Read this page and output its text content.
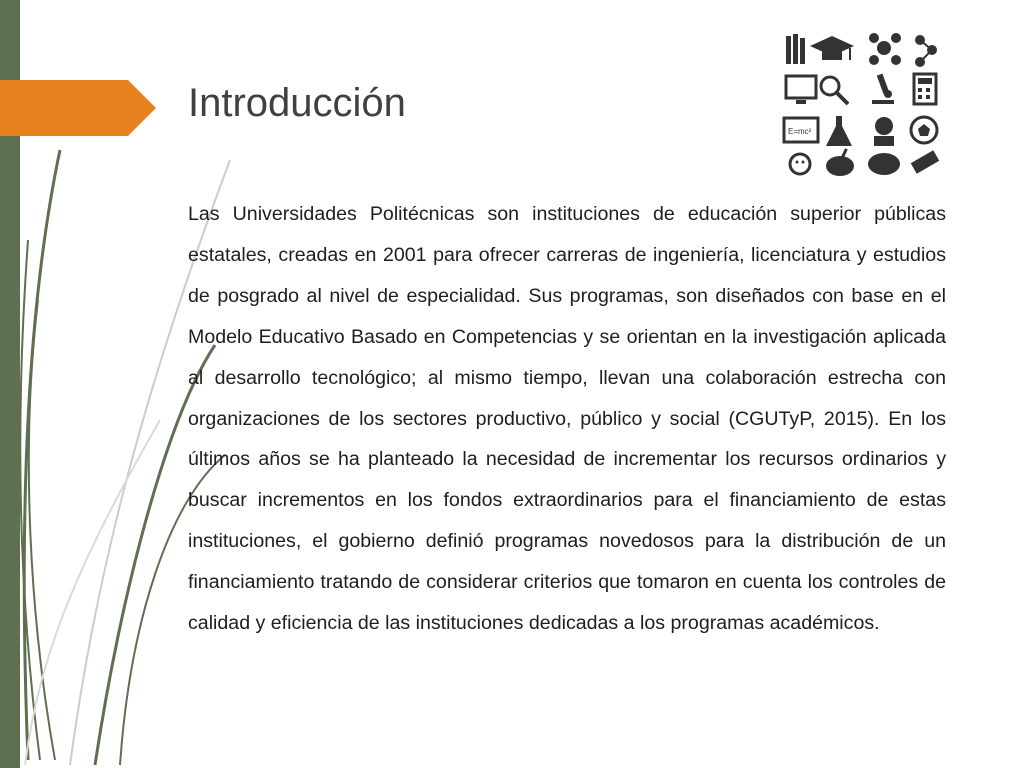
Introducción
E=mc²

Las Universidades Politécnicas son instituciones de educación superior públicas estatales, creadas en 2001 para ofrecer carreras de ingeniería, licenciatura y estudios de posgrado al nivel de especialidad. Sus programas, son diseñados con base en el Modelo Educativo Basado en Competencias y se orientan en la investigación aplicada al desarrollo tecnológico; al mismo tiempo, llevan una colaboración estrecha con organizaciones de los sectores productivo, público y social (CGUTyP, 2015). En los últimos años se ha planteado la necesidad de incrementar los recursos ordinarios y buscar incrementos en los fondos extraordinarios para el financiamiento de estas instituciones, el gobierno definió programas novedosos para la distribución de un financiamiento tratando de considerar criterios que tomaron en cuenta los controles de calidad y eficiencia de las instituciones dedicadas a los programas académicos.
